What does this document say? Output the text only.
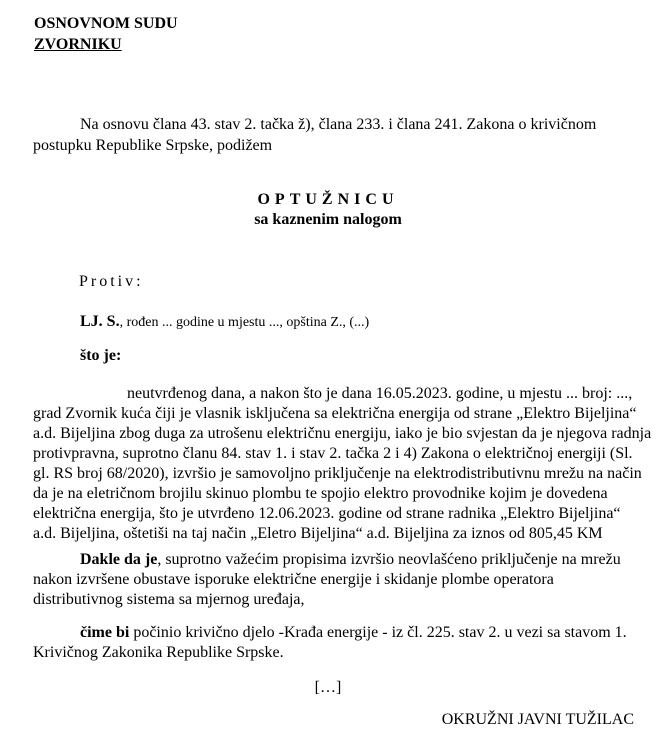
OSNOVNOM SUDU

ZVORNIKU

Na osnovu člana 43. stav 2. tačka ž), člana 233. i člana 241. Zakona o krivičnom
postupku Republike Srpske, podižem

OPTUŽNICU

sa kaznenim nalogom

Protiv:

LJ. S., rođen ... godine u mjestu ..., opština Z., (...)

što je:

neutvrđenog dana, a nakon što je dana 16.05.2023. godine, u mjestu ... broj: ...,
grad Zvornik kuća čiji je vlasnik isključena sa električna energija od strane „Elektro Bijeljina“
a.d. Bijeljina zbog duga za utrošenu električnu energiju, iako je bio svjestan da je njegova radnja
protivpravna, suprotno članu 84. stav 1. i stav 2. tačka 2 i 4) Zakona o električnoj energiji (Sl.
gl. RS broj 68/2020), izvršio je samovoljno priključenje na elektrodistributivnu mrežu na način
da je na eletričnom brojilu skinuo plombu te spojio elektro provodnike kojim je dovedena
električna energija, što je utvrđeno 12.06.2023. godine od strane radnika „Elektro Bijeljina“
a.d. Bijeljina, oštetiši na taj način „Eletro Bijeljina“ a.d. Bijeljina za iznos od 805,45 KM
Dakle da je, suprotno važećim propisima izvršio neovlašćeno priključenje na mrežu
nakon izvršene obustave isporuke električne energije i skidanje plombe operatora
distributivnog sistema sa mjernog uređaja,
čime bi počinio krivično djelo -Krađa energije - iz čl. 225. stav 2. u vezi sa stavom 1.
Krivičnog Zakonika Republike Srpske.

[…]

OKRUŽNI JAVNI TUŽILAC
